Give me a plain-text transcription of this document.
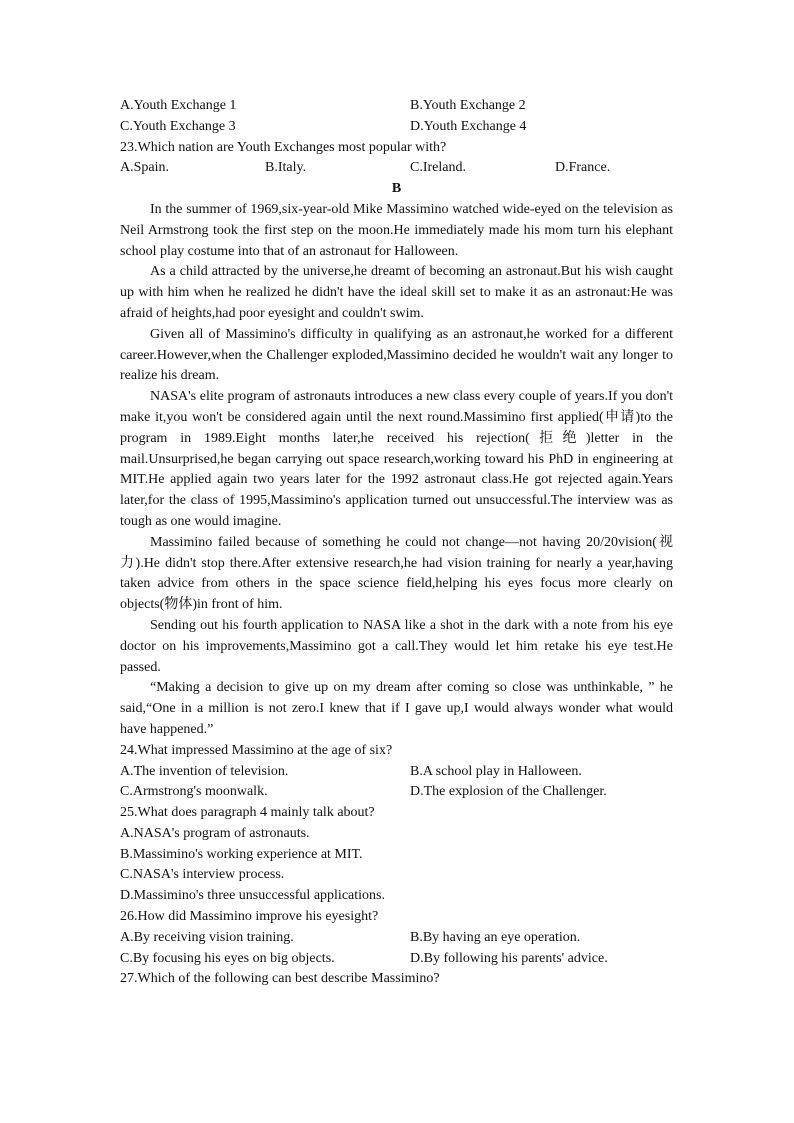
A.Youth Exchange 1	B.Youth Exchange 2
C.Youth Exchange 3	D.Youth Exchange 4
23.Which nation are Youth Exchanges most popular with?
A.Spain.	B.Italy.	C.Ireland.	D.France.
B

In the summer of 1969,six-year-old Mike Massimino watched wide-eyed on the television as Neil Armstrong took the first step on the moon.He immediately made his mom turn his elephant school play costume into that of an astronaut for Halloween.

As a child attracted by the universe,he dreamt of becoming an astronaut.But his wish caught up with him when he realized he didn't have the ideal skill set to make it as an astronaut:He was afraid of heights,had poor eyesight and couldn't swim.

Given all of Massimino's difficulty in qualifying as an astronaut,he worked for a different career.However,when the Challenger exploded,Massimino decided he wouldn't wait any longer to realize his dream.

NASA's elite program of astronauts introduces a new class every couple of years.If you don't make it,you won't be considered again until the next round.Massimino first applied(申请)to the program in 1989.Eight months later,he received his rejection(拒绝)letter in the mail.Unsurprised,he began carrying out space research,working toward his PhD in engineering at MIT.He applied again two years later for the 1992 astronaut class.He got rejected again.Years later,for the class of 1995,Massimino's application turned out unsuccessful.The interview was as tough as one would imagine.

Massimino failed because of something he could not change—not having 20/20vision(视力).He didn't stop there.After extensive research,he had vision training for nearly a year,having taken advice from others in the space science field,helping his eyes focus more clearly on objects(物体)in front of him.

Sending out his fourth application to NASA like a shot in the dark with a note from his eye doctor on his improvements,Massimino got a call.They would let him retake his eye test.He passed.

“Making a decision to give up on my dream after coming so close was unthinkable, ” he said,“One in a million is not zero.I knew that if I gave up,I would always wonder what would have happened.”

24.What impressed Massimino at the age of six?
A.The invention of television.	B.A school play in Halloween.
C.Armstrong's moonwalk.	D.The explosion of the Challenger.
25.What does paragraph 4 mainly talk about?
A.NASA's program of astronauts.
B.Massimino's working experience at MIT.
C.NASA's interview process.
D.Massimino's three unsuccessful applications.
26.How did Massimino improve his eyesight?
A.By receiving vision training.	B.By having an eye operation.
C.By focusing his eyes on big objects.	D.By following his parents' advice.
27.Which of the following can best describe Massimino?
